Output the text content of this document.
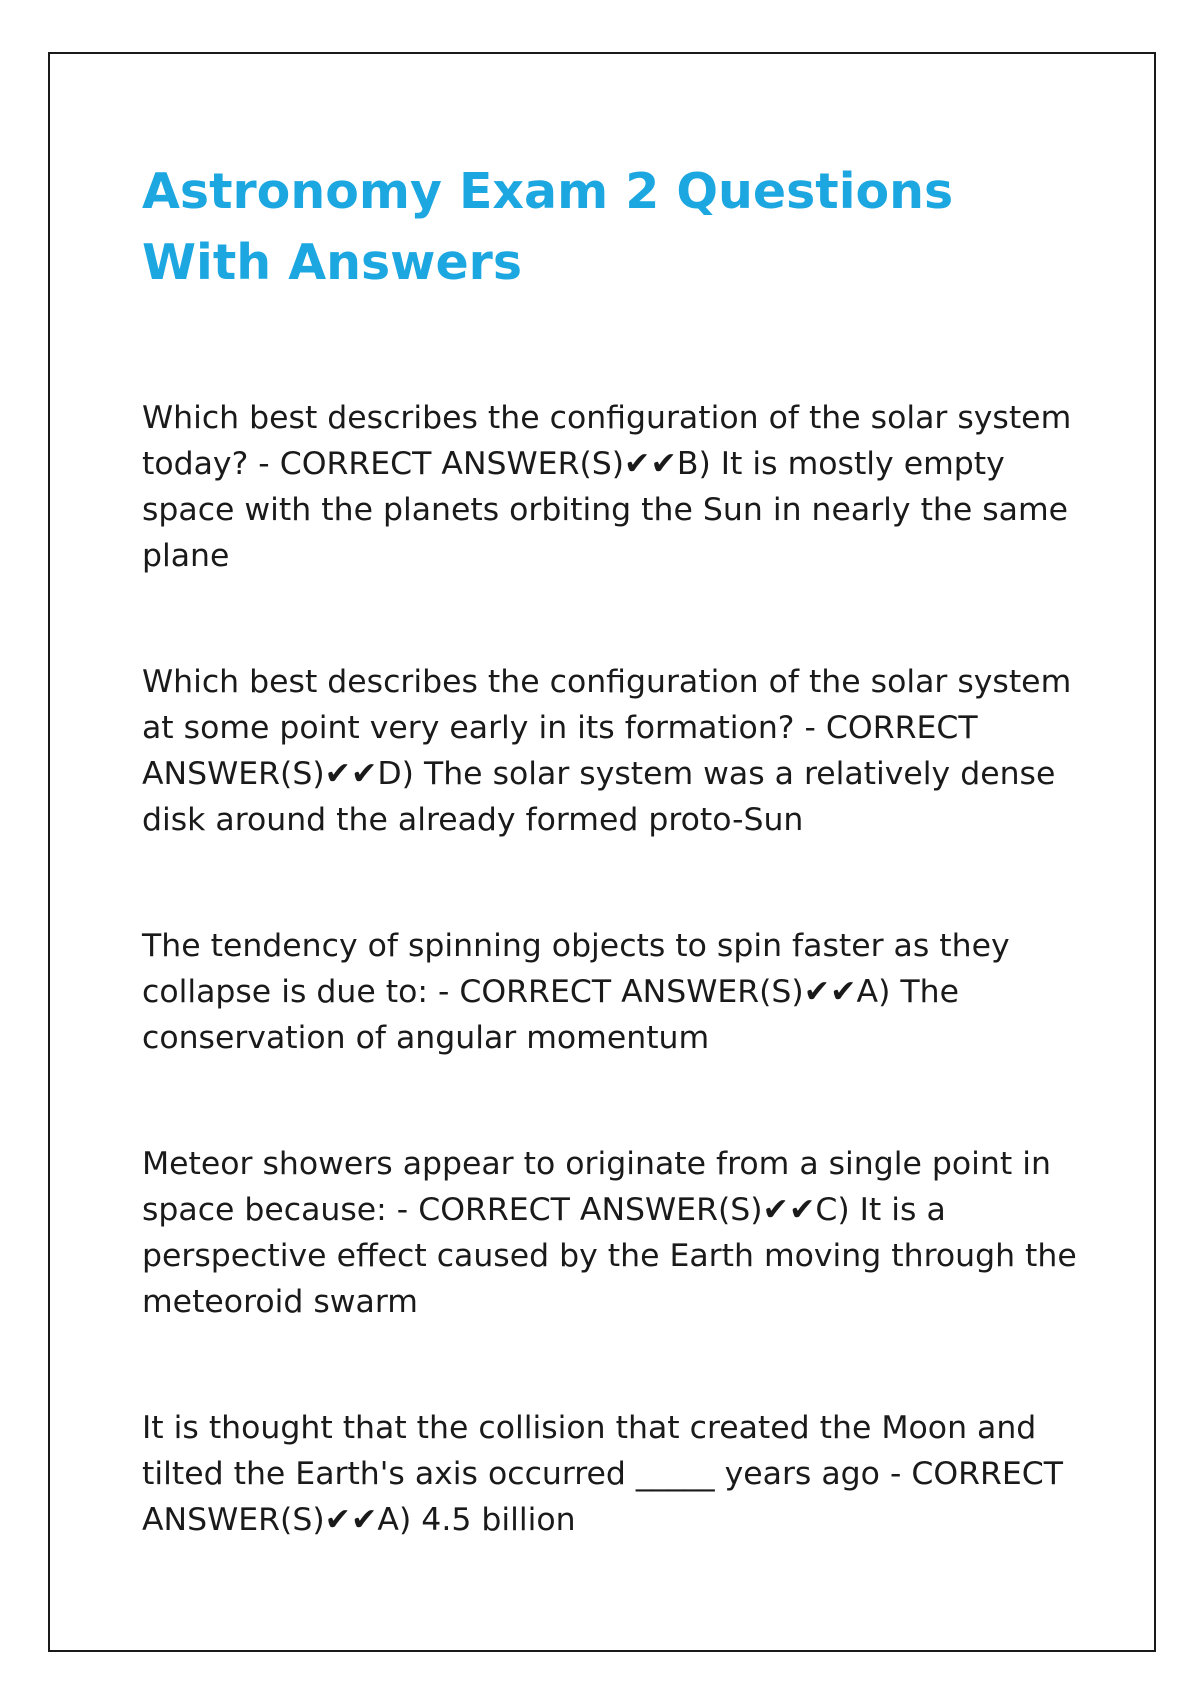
Astronomy Exam 2 Questions With Answers

Which best describes the configuration of the solar system today? - CORRECT ANSWER(S)✔✔B) It is mostly empty space with the planets orbiting the Sun in nearly the same plane

Which best describes the configuration of the solar system at some point very early in its formation? - CORRECT ANSWER(S)✔✔D) The solar system was a relatively dense disk around the already formed proto-Sun

The tendency of spinning objects to spin faster as they collapse is due to: - CORRECT ANSWER(S)✔✔A) The conservation of angular momentum

Meteor showers appear to originate from a single point in space because: - CORRECT ANSWER(S)✔✔C) It is a perspective effect caused by the Earth moving through the meteoroid swarm

It is thought that the collision that created the Moon and tilted the Earth's axis occurred _____ years ago - CORRECT ANSWER(S)✔✔A) 4.5 billion
